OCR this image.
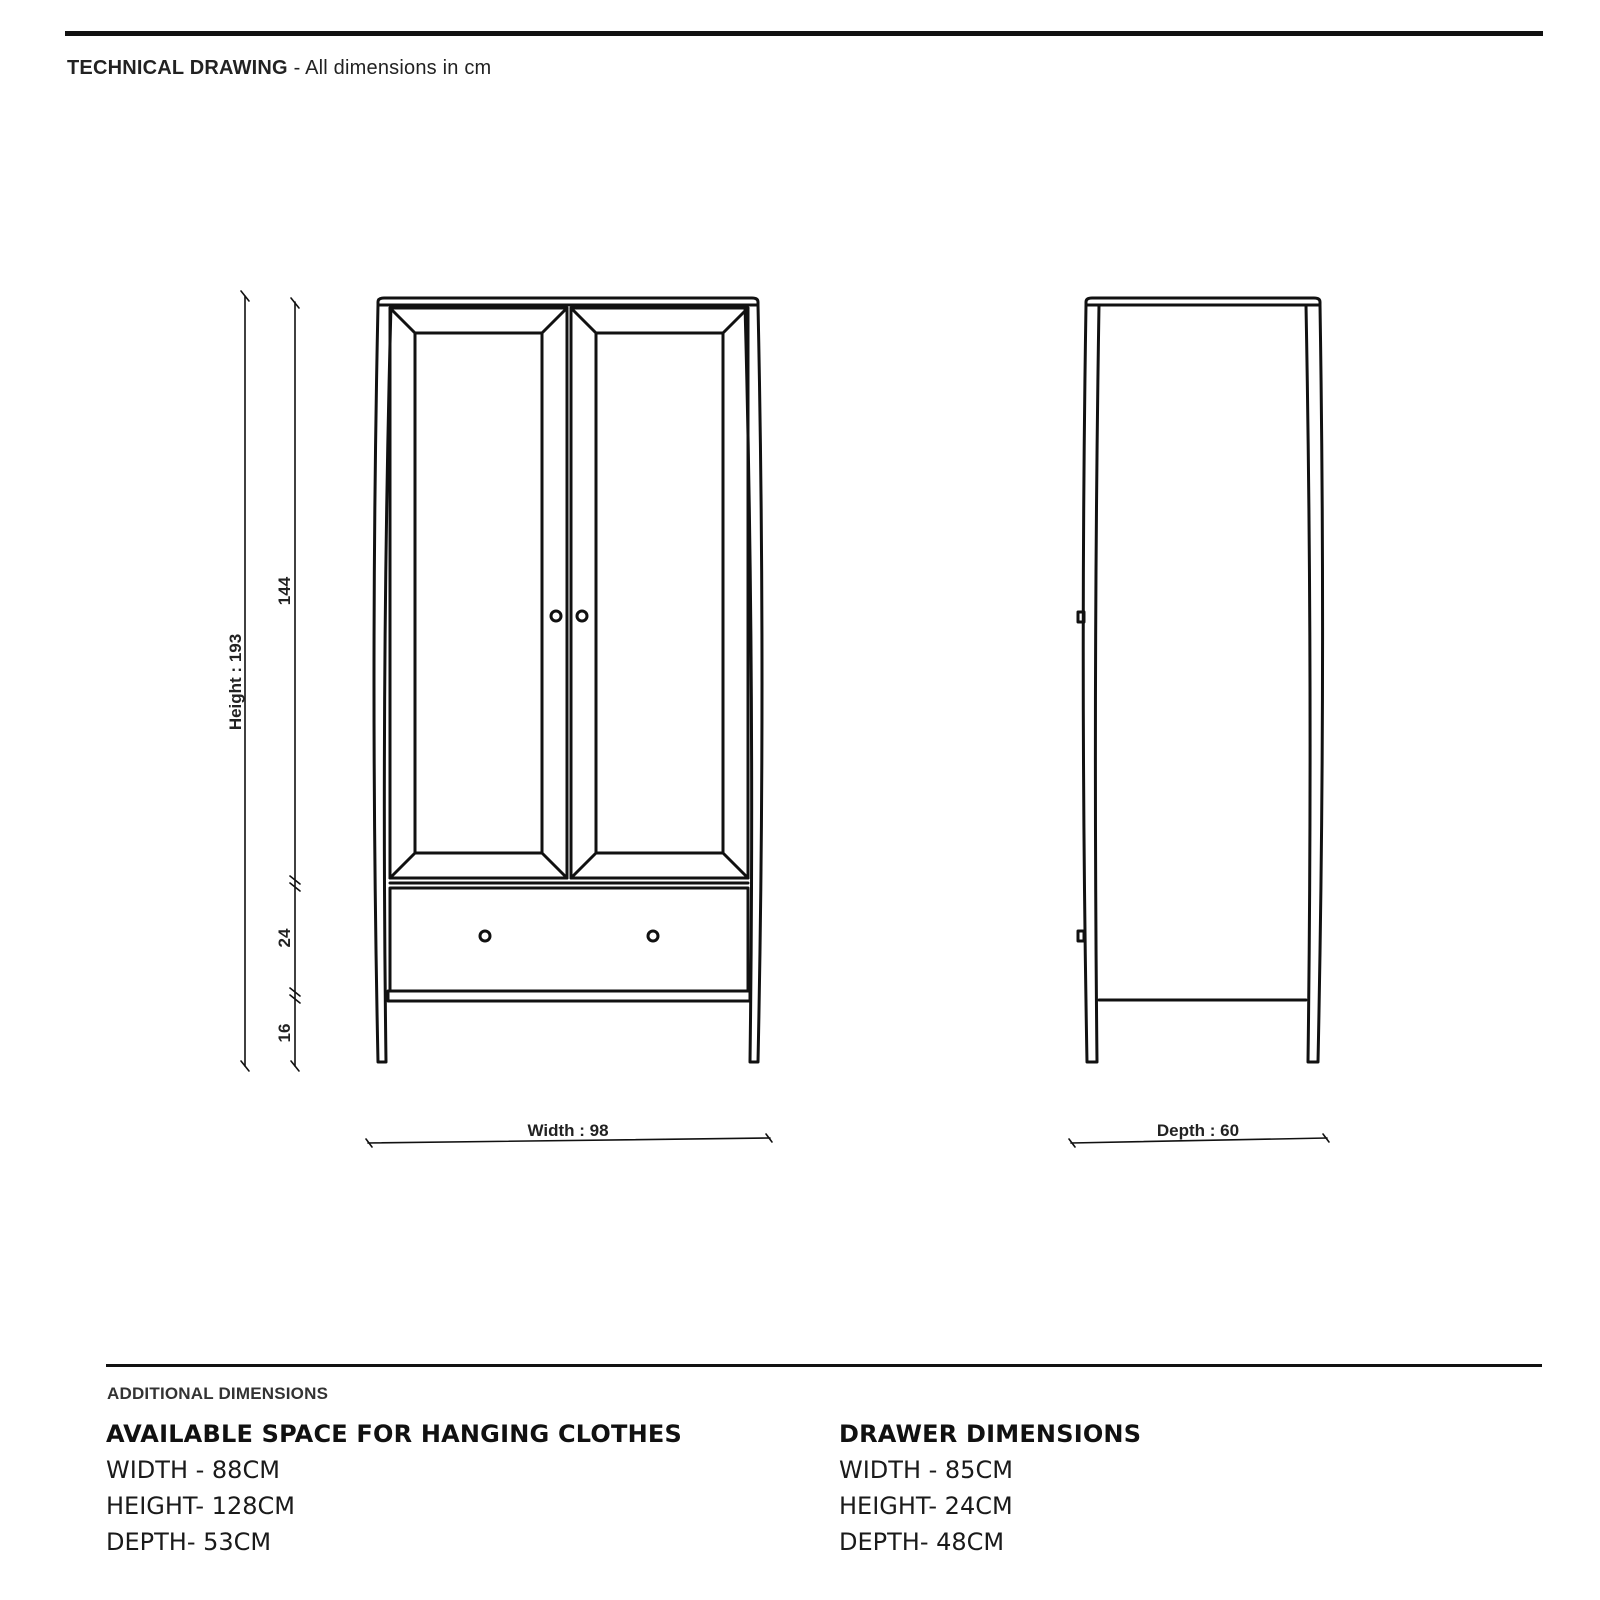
TECHNICAL DRAWING - All dimensions in cm
Height : 193
144
24
16
Width : 98	Depth : 60
ADDITIONAL DIMENSIONS
AVAILABLE SPACE FOR HANGING CLOTHES
WIDTH - 88CM
HEIGHT- 128CM
DEPTH- 53CM
DRAWER DIMENSIONS
WIDTH - 85CM
HEIGHT- 24CM
DEPTH- 48CM
